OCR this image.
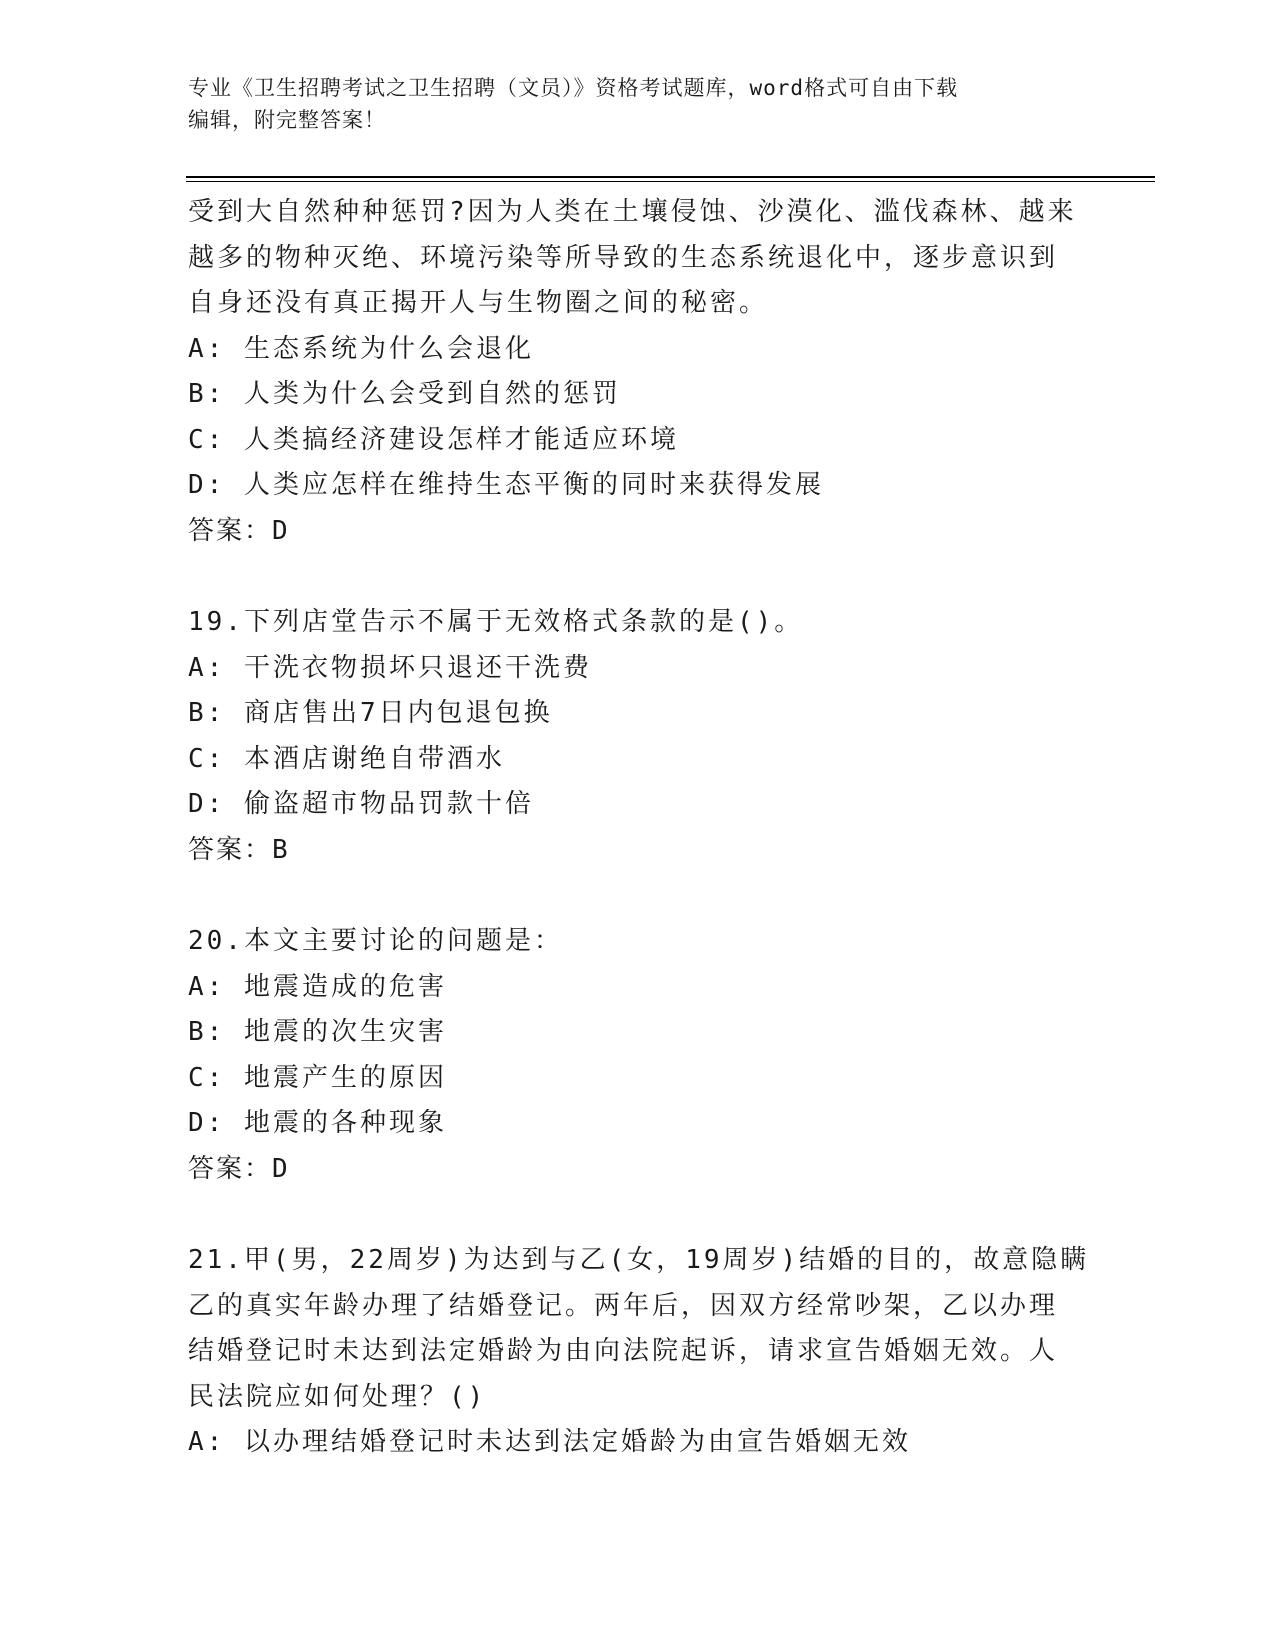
专业《卫生招聘考试之卫生招聘（文员）》资格考试题库，word格式可自由下载
编辑，附完整答案！
受到大自然种种惩罚?因为人类在土壤侵蚀、沙漠化、滥伐森林、越来
越多的物种灭绝、环境污染等所导致的生态系统退化中，逐步意识到
自身还没有真正揭开人与生物圈之间的秘密。
A: 生态系统为什么会退化
B: 人类为什么会受到自然的惩罚
C: 人类搞经济建设怎样才能适应环境
D: 人类应怎样在维持生态平衡的同时来获得发展
答案：D
19.下列店堂告示不属于无效格式条款的是()。
A: 干洗衣物损坏只退还干洗费
B: 商店售出7日内包退包换
C: 本酒店谢绝自带酒水
D: 偷盗超市物品罚款十倍
答案：B
20.本文主要讨论的问题是：
A: 地震造成的危害
B: 地震的次生灾害
C: 地震产生的原因
D: 地震的各种现象
答案：D
21.甲(男，22周岁)为达到与乙(女，19周岁)结婚的目的，故意隐瞒
乙的真实年龄办理了结婚登记。两年后，因双方经常吵架，乙以办理
结婚登记时未达到法定婚龄为由向法院起诉，请求宣告婚姻无效。人
民法院应如何处理？()
A: 以办理结婚登记时未达到法定婚龄为由宣告婚姻无效
